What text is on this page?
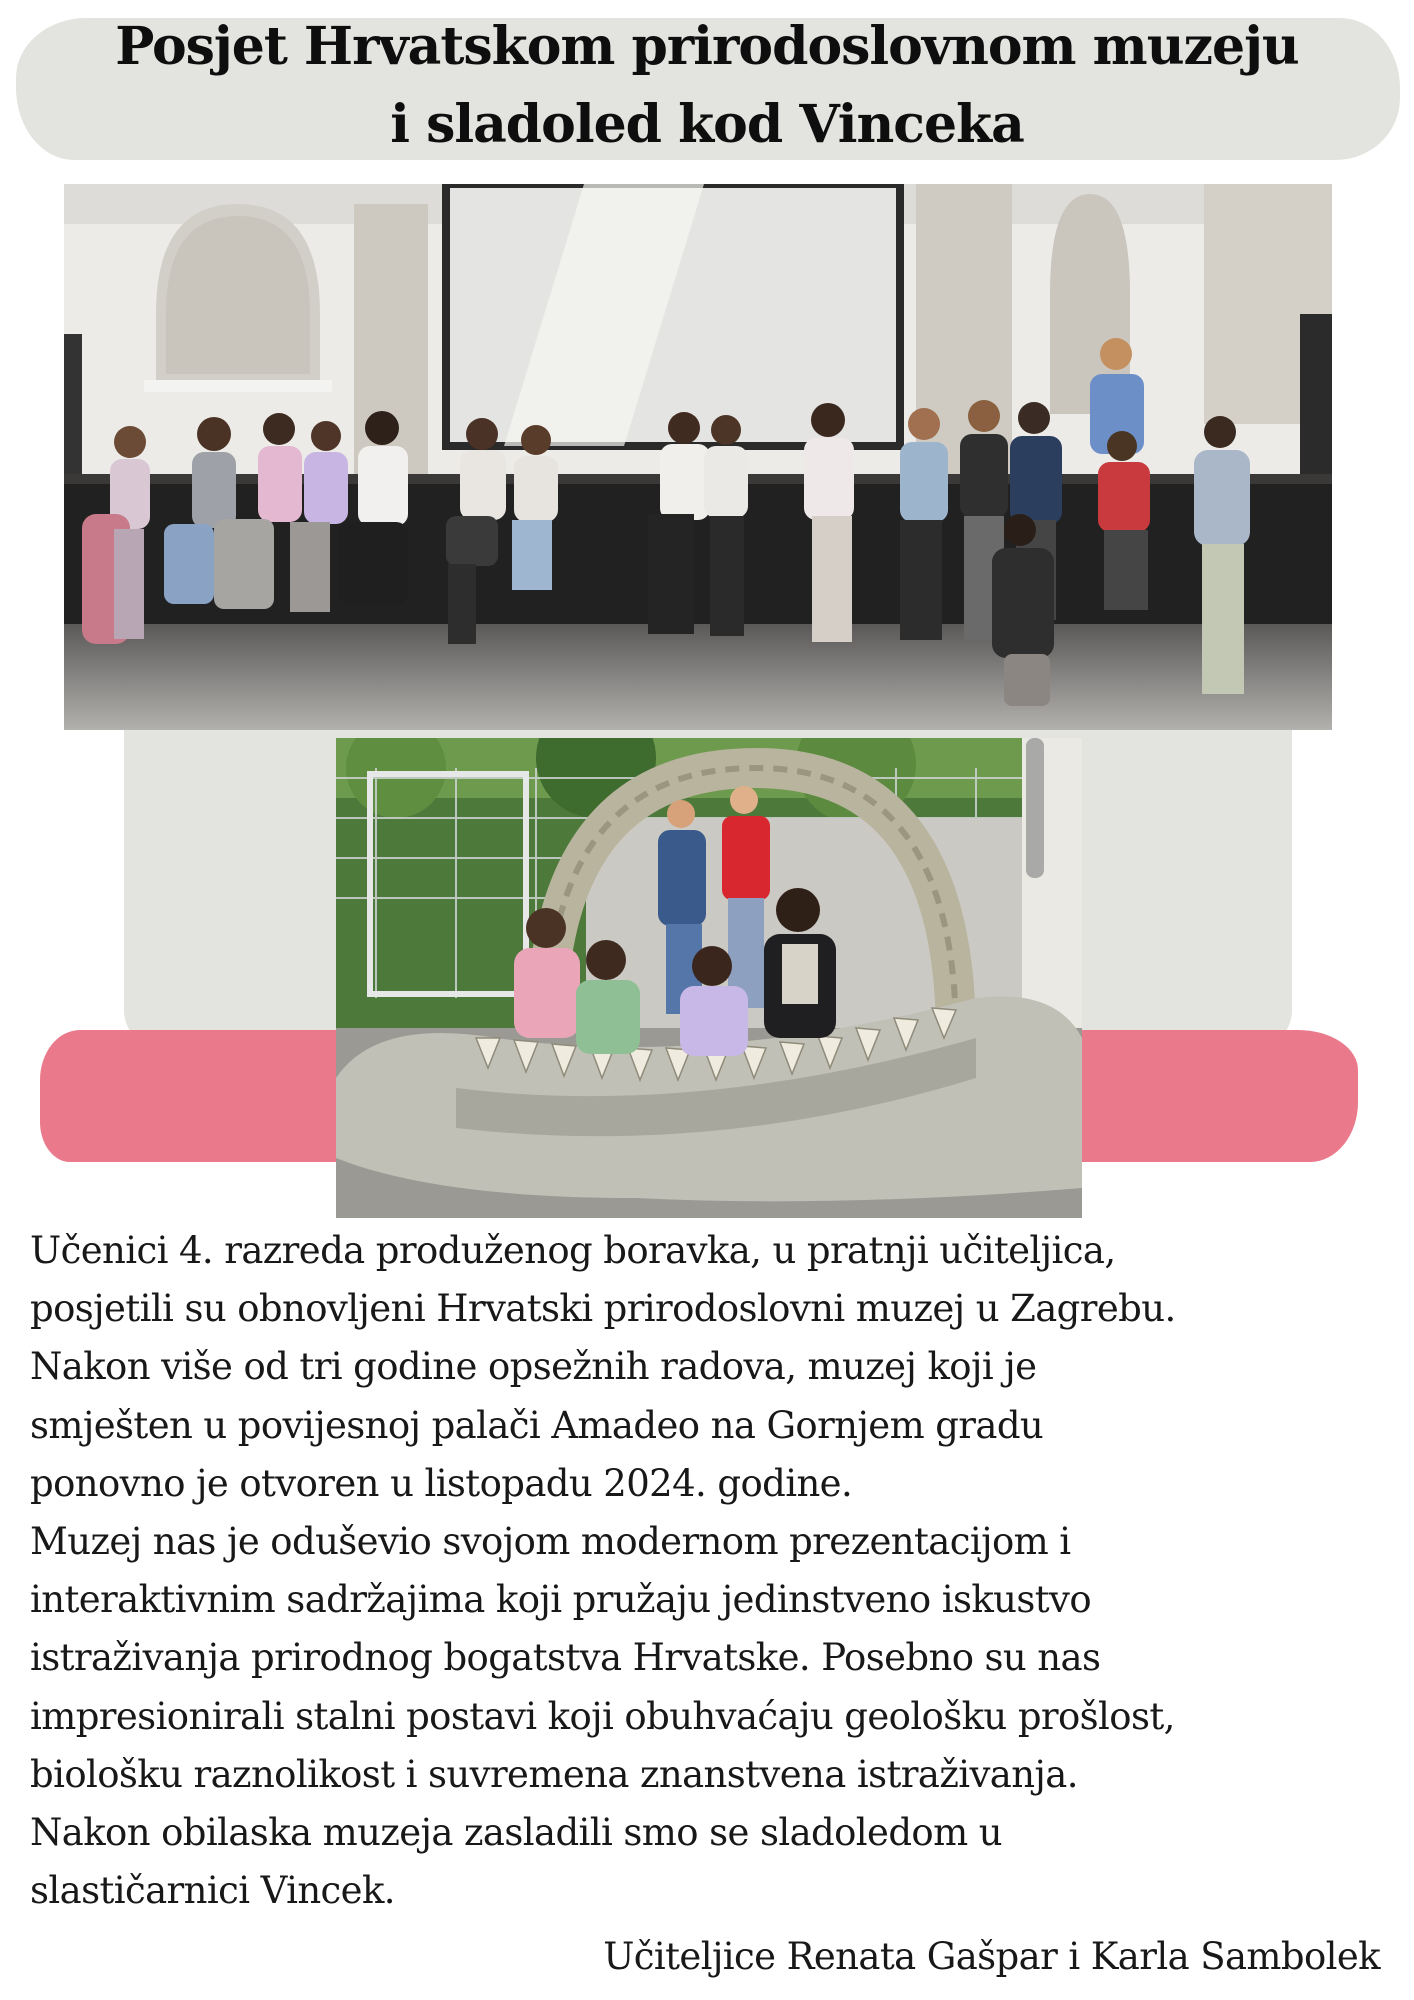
Posjet Hrvatskom prirodoslovnom muzeju
i sladoled kod Vinceka
Učenici 4. razreda produženog boravka, u pratnji učiteljica,
posjetili su obnovljeni Hrvatski prirodoslovni muzej u Zagrebu.
Nakon više od tri godine opsežnih radova, muzej koji je
smješten u povijesnoj palači Amadeo na Gornjem gradu
ponovno je otvoren u listopadu 2024. godine.
Muzej nas je oduševio svojom modernom prezentacijom i
interaktivnim sadržajima koji pružaju jedinstveno iskustvo
istraživanja prirodnog bogatstva Hrvatske. Posebno su nas
impresionirali stalni postavi koji obuhvaćaju geološku prošlost,
biološku raznolikost i suvremena znanstvena istraživanja.
Nakon obilaska muzeja zasladili smo se sladoledom u
slastičarnici Vincek.
Učiteljice Renata Gašpar i Karla Sambolek
